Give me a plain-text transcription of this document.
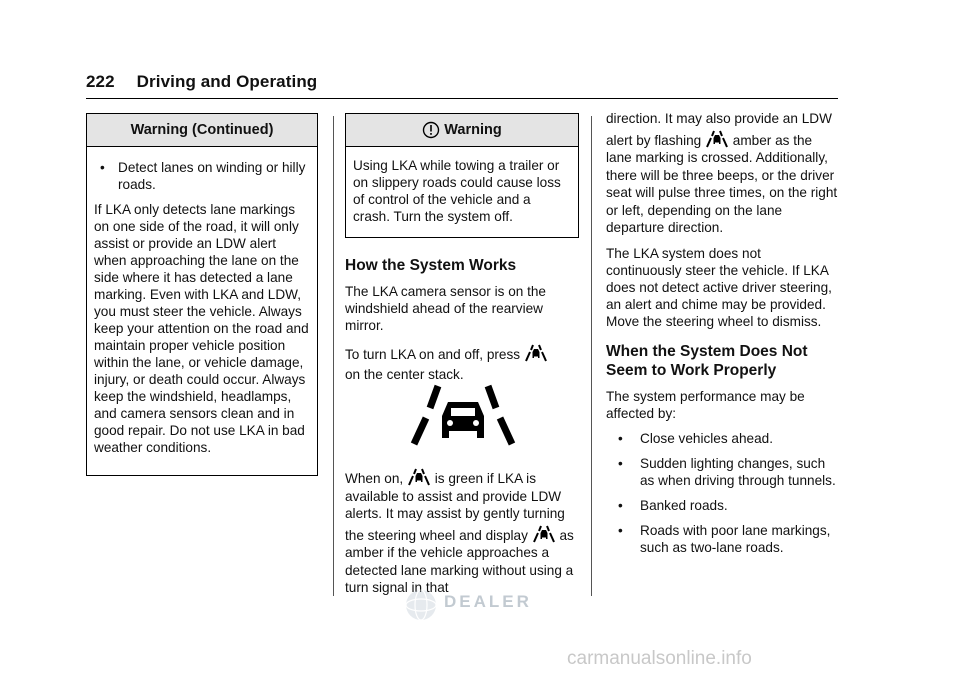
222 Driving and Operating
Warning (Continued)
• Detect lanes on winding or hilly roads.

If LKA only detects lane markings on one side of the road, it will only assist or provide an LDW alert when approaching the lane on the side where it has detected a lane marking. Even with LKA and LDW, you must steer the vehicle. Always keep your attention on the road and maintain proper vehicle position within the lane, or vehicle damage, injury, or death could occur. Always keep the windshield, headlamps, and camera sensors clean and in good repair. Do not use LKA in bad weather conditions.

Warning

Using LKA while towing a trailer or on slippery roads could cause loss of control of the vehicle and a crash. Turn the system off.

How the System Works

The LKA camera sensor is on the windshield ahead of the rearview mirror.

To turn LKA on and off, press
on the center stack.

When on, is green if LKA is available to assist and provide LDW alerts. It may assist by gently turning the steering wheel and display as amber if the vehicle approaches a detected lane marking without using a turn signal in that

direction. It may also provide an LDW alert by flashing amber as the lane marking is crossed. Additionally, there will be three beeps, or the driver seat will pulse three times, on the right or left, depending on the lane departure direction.

The LKA system does not continuously steer the vehicle. If LKA does not detect active driver steering, an alert and chime may be provided. Move the steering wheel to dismiss.

When the System Does Not Seem to Work Properly

The system performance may be affected by:

•	Close vehicles ahead.
•	Sudden lighting changes, such as when driving through tunnels.
•	Banked roads.
•	Roads with poor lane markings, such as two-lane roads.
DEALER
carmanualsonline.info
